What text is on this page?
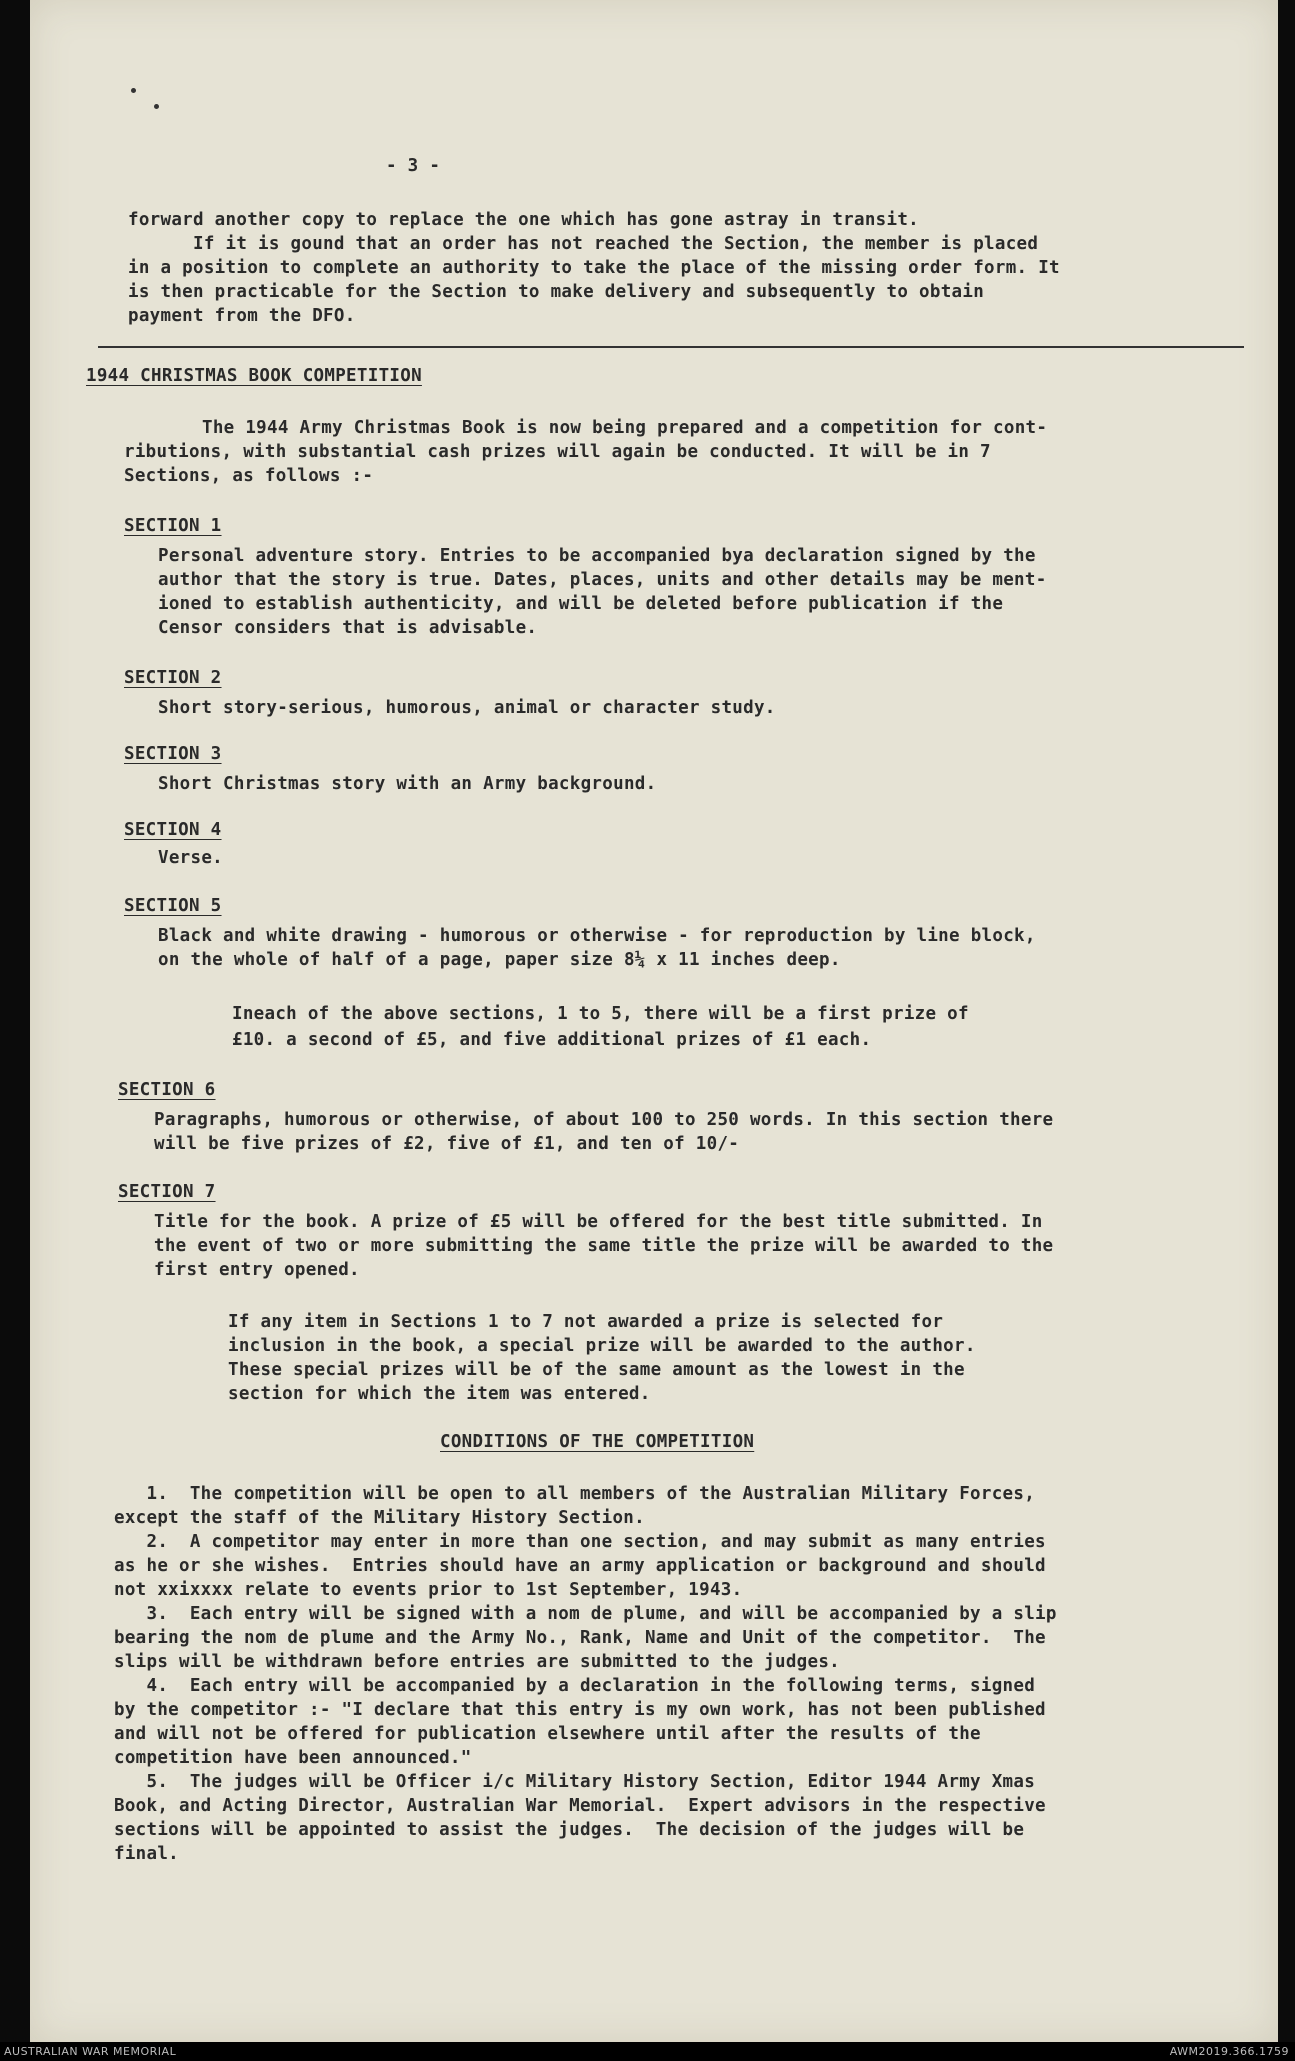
- 3 -
forward another copy to replace the one which has gone astray in transit.
If it is gound that an order has not reached the Section, the member is placed
in a position to complete an authority to take the place of the missing order form. It
is then practicable for the Section to make delivery and subsequently to obtain
payment from the DFO.
1944 CHRISTMAS BOOK COMPETITION
The 1944 Army Christmas Book is now being prepared and a competition for cont-
ributions, with substantial cash prizes will again be conducted. It will be in 7
Sections, as follows :-
SECTION 1
Personal adventure story. Entries to be accompanied bya declaration signed by the
author that the story is true. Dates, places, units and other details may be ment-
ioned to establish authenticity, and will be deleted before publication if the
Censor considers that is advisable.
SECTION 2
Short story-serious, humorous, animal or character study.
SECTION 3
Short Christmas story with an Army background.
SECTION 4
Verse.
SECTION 5
Black and white drawing - humorous or otherwise - for reproduction by line block,
on the whole of half of a page, paper size 8¼ x 11 inches deep.
Ineach of the above sections, 1 to 5, there will be a first prize of
£10. a second of £5, and five additional prizes of £1 each.
SECTION 6
Paragraphs, humorous or otherwise, of about 100 to 250 words. In this section there
will be five prizes of £2, five of £1, and ten of 10/-
SECTION 7
Title for the book. A prize of £5 will be offered for the best title submitted. In
the event of two or more submitting the same title the prize will be awarded to the
first entry opened.
If any item in Sections 1 to 7 not awarded a prize is selected for
inclusion in the book, a special prize will be awarded to the author.
These special prizes will be of the same amount as the lowest in the
section for which the item was entered.
CONDITIONS OF THE COMPETITION
1.  The competition will be open to all members of the Australian Military Forces,
except the staff of the Military History Section.
2.  A competitor may enter in more than one section, and may submit as many entries
as he or she wishes.  Entries should have an army application or background and should
not xxixxxx relate to events prior to 1st September, 1943.
3.  Each entry will be signed with a nom de plume, and will be accompanied by a slip
bearing the nom de plume and the Army No., Rank, Name and Unit of the competitor.  The
slips will be withdrawn before entries are submitted to the judges.
4.  Each entry will be accompanied by a declaration in the following terms, signed
by the competitor :- "I declare that this entry is my own work, has not been published
and will not be offered for publication elsewhere until after the results of the
competition have been announced."
5.  The judges will be Officer i/c Military History Section, Editor 1944 Army Xmas
Book, and Acting Director, Australian War Memorial.  Expert advisors in the respective
sections will be appointed to assist the judges.  The decision of the judges will be
final.
AUSTRALIAN WAR MEMORIAL	AWM2019.366.1759
